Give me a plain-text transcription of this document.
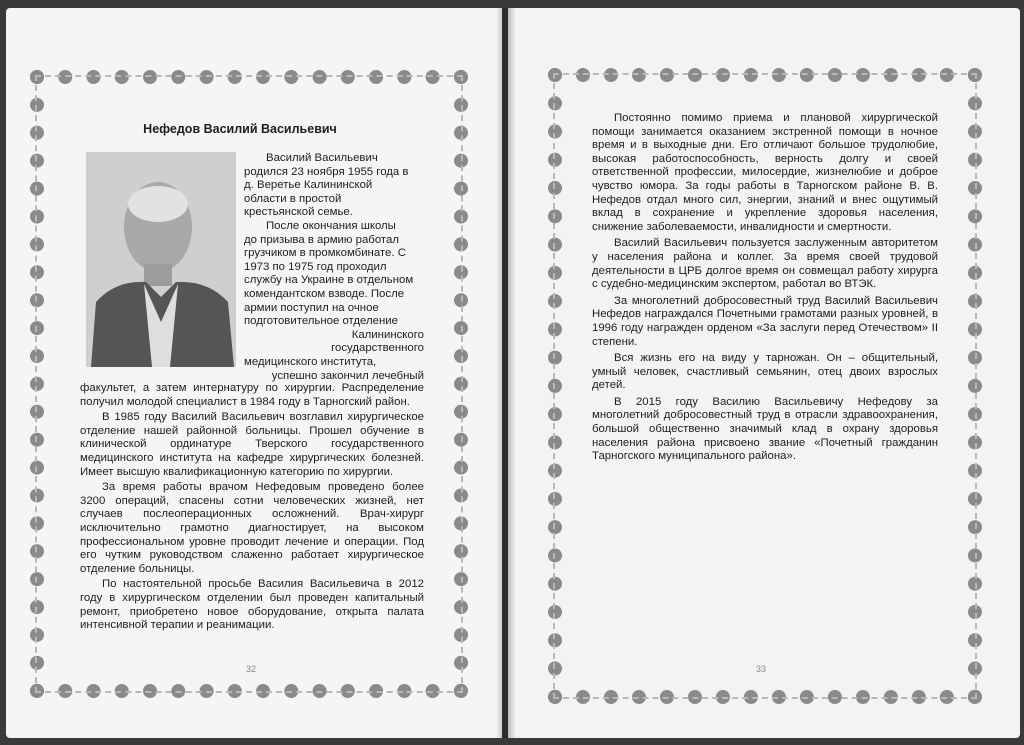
Нефедов Василий Васильевич
Василий Васильевич
родился 23 ноября 1955 года в
д. Веретье Калининской
области в простой
крестьянской семье.
После окончания школы
до призыва в армию работал
грузчиком в промкомбинате. С
1973 по 1975 год проходил
службу на Украине в отдельном
комендантском взводе. После
армии поступил на очное
подготовительное отделение
Калининского
государственного
медицинского института,
успешно закончил лечебный
факультет, а затем интернатуру по хирургии. Распределение получил молодой специалист в 1984 году в Тарногский район.

В 1985 году Василий Васильевич возглавил хирургическое отделение нашей районной больницы. Прошел обучение в клинической ординатуре Тверского государственного медицинского института на кафедре хирургических болезней. Имеет высшую квалификационную категорию по хирургии.

За время работы врачом Нефедовым проведено более 3200 операций, спасены сотни человеческих жизней, нет случаев послеоперационных осложнений. Врач-хирург исключительно грамотно диагностирует, на высоком профессиональном уровне проводит лечение и операции. Под его чутким руководством слаженно работает хирургическое отделение больницы.

По настоятельной просьбе Василия Васильевича в 2012 году в хирургическом отделении был проведен капитальный ремонт, приобретено новое оборудование, открыта палата интенсивной терапии и реанимации.

32

Постоянно помимо приема и плановой хирургической помощи занимается оказанием экстренной помощи в ночное время и в выходные дни. Его отличают большое трудолюбие, высокая работоспособность, верность долгу и своей ответственной профессии, милосердие, жизнелюбие и доброе чувство юмора. За годы работы в Тарногском районе В. В. Нефедов отдал много сил, энергии, знаний и внес ощутимый вклад в сохранение и укрепление здоровья населения, снижение заболеваемости, инвалидности и смертности.

Василий Васильевич пользуется заслуженным авторитетом у населения района и коллег. За время своей трудовой деятельности в ЦРБ долгое время он совмещал работу хирурга с судебно-медицинским экспертом, работал во ВТЭК.

За многолетний добросовестный труд Василий Васильевич Нефедов награждался Почетными грамотами разных уровней, в 1996 году награжден орденом «За заслуги перед Отечеством» II степени.

Вся жизнь его на виду у тарножан. Он – общительный, умный человек, счастливый семьянин, отец двоих взрослых детей.

В 2015 году Василию Васильевичу Нефедову за многолетний добросовестный труд в отрасли здравоохранения, большой общественно значимый клад в охрану здоровья населения района присвоено звание «Почетный гражданин Тарногского муниципального района».

33
